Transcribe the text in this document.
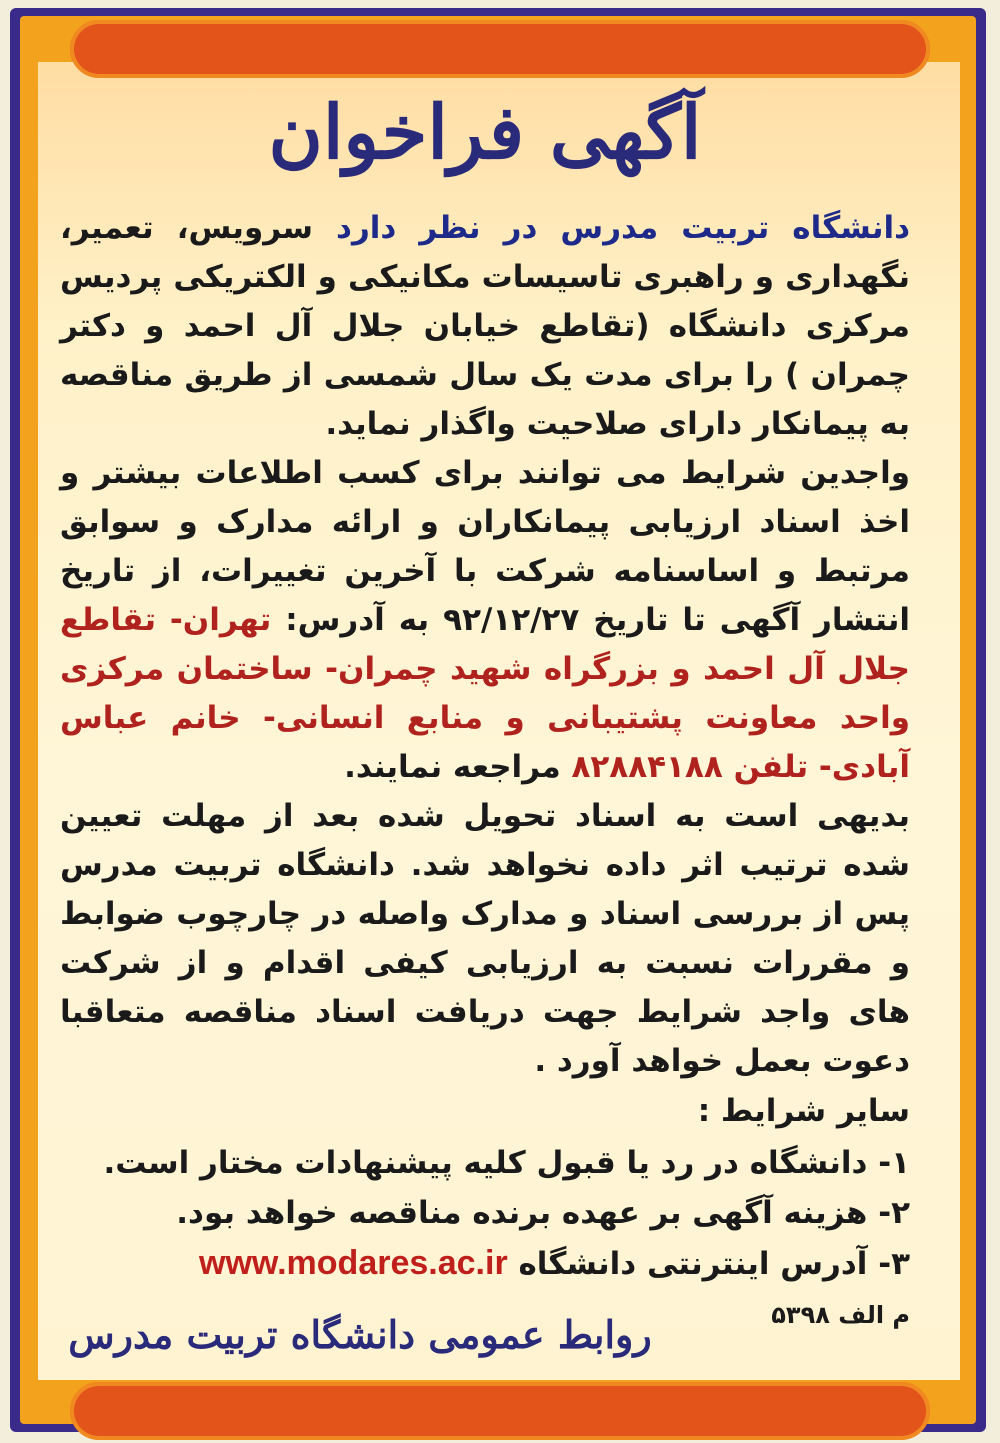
آگهی فراخوان

دانشگاه تربیت مدرس در نظر دارد سرویس، تعمیر، نگهداری و راهبری تاسیسات مکانیکی و الکتریکی پردیس مرکزی دانشگاه (تقاطع خیابان جلال آل احمد و دکتر چمران ) را برای مدت یک سال شمسی از طریق مناقصه به پیمانکار دارای صلاحیت واگذار نماید.

واجدین شرایط می توانند برای کسب اطلاعات بیشتر و اخذ اسناد ارزیابی پیمانکاران و ارائه مدارک و سوابق مرتبط و اساسنامه شرکت با آخرین تغییرات، از تاریخ انتشار آگهی تا تاریخ ۹۲/۱۲/۲۷ به آدرس: تهران- تقاطع جلال آل احمد و بزرگراه شهید چمران- ساختمان مرکزی واحد معاونت پشتیبانی و منابع انسانی- خانم عباس آبادی- تلفن ۸۲۸۸۴۱۸۸ مراجعه نمایند.

بدیهی است به اسناد تحویل شده بعد از مهلت تعیین شده ترتیب اثر داده نخواهد شد. دانشگاه تربیت مدرس پس از بررسی اسناد و مدارک واصله در چارچوب ضوابط و مقررات نسبت به ارزیابی کیفی اقدام و از شرکت های واجد شرایط جهت دریافت اسناد مناقصه متعاقبا دعوت بعمل خواهد آورد .

سایر شرایط :
۱- دانشگاه در رد یا قبول کلیه پیشنهادات مختار است.
۲- هزینه آگهی بر عهده برنده مناقصه خواهد بود.
۳- آدرس اینترنتی دانشگاه www.modares.ac.ir
م الف ۵۳۹۸
روابط عمومی دانشگاه تربیت مدرس
